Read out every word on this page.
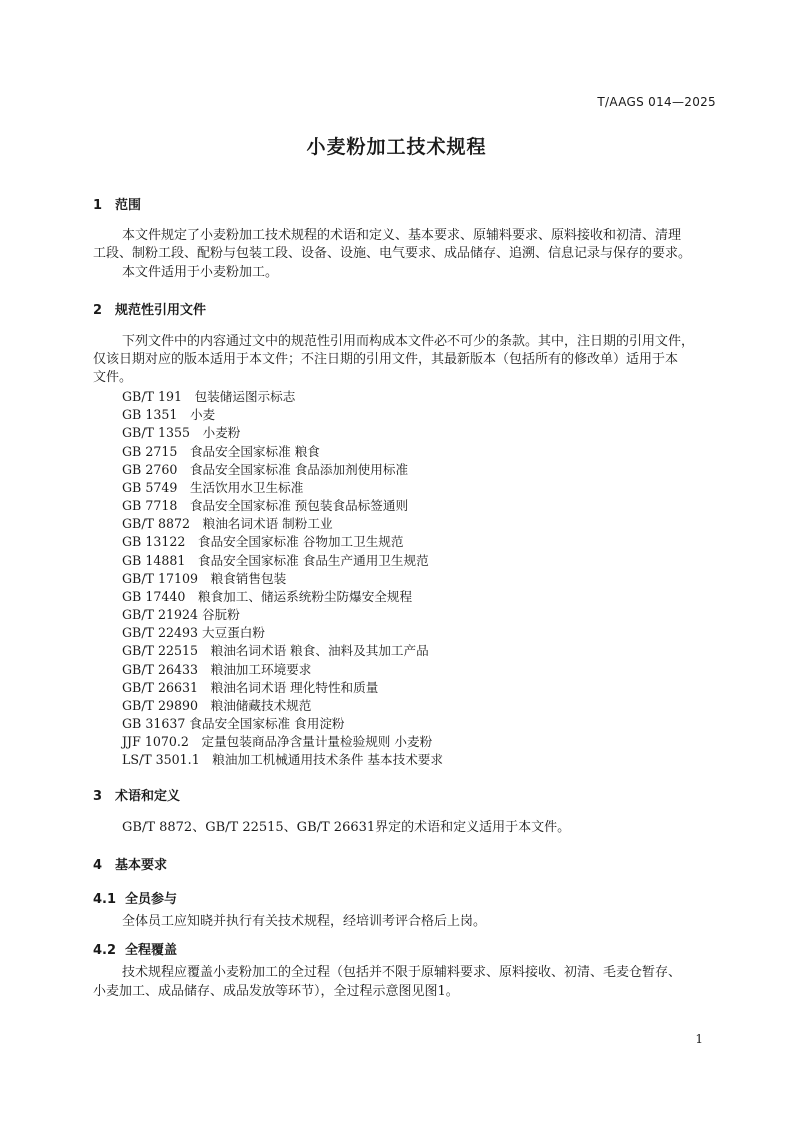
T/AAGS 014—2025
小麦粉加工技术规程
1 范围
本文件规定了小麦粉加工技术规程的术语和定义、基本要求、原辅料要求、原料接收和初清、清理
工段、制粉工段、配粉与包装工段、设备、设施、电气要求、成品储存、追溯、信息记录与保存的要求。
本文件适用于小麦粉加工。
2 规范性引用文件
下列文件中的内容通过文中的规范性引用而构成本文件必不可少的条款。其中，注日期的引用文件，
仅该日期对应的版本适用于本文件；不注日期的引用文件，其最新版本（包括所有的修改单）适用于本
文件。
GB/T 191　包装储运图示标志
GB 1351　小麦
GB/T 1355　小麦粉
GB 2715　食品安全国家标准 粮食
GB 2760　食品安全国家标准 食品添加剂使用标准
GB 5749　生活饮用水卫生标准
GB 7718　食品安全国家标准 预包装食品标签通则
GB/T 8872　粮油名词术语 制粉工业
GB 13122　食品安全国家标准 谷物加工卫生规范
GB 14881　食品安全国家标准 食品生产通用卫生规范
GB/T 17109　粮食销售包装
GB 17440　粮食加工、储运系统粉尘防爆安全规程
GB/T 21924 谷朊粉
GB/T 22493 大豆蛋白粉
GB/T 22515　粮油名词术语 粮食、油料及其加工产品
GB/T 26433　粮油加工环境要求
GB/T 26631　粮油名词术语 理化特性和质量
GB/T 29890　粮油储藏技术规范
GB 31637 食品安全国家标准 食用淀粉
JJF 1070.2　定量包装商品净含量计量检验规则 小麦粉
LS/T 3501.1　粮油加工机械通用技术条件 基本技术要求
3 术语和定义
GB/T 8872、GB/T 22515、GB/T 26631界定的术语和定义适用于本文件。
4 基本要求
4.1 全员参与
全体员工应知晓并执行有关技术规程，经培训考评合格后上岗。
4.2 全程覆盖
技术规程应覆盖小麦粉加工的全过程（包括并不限于原辅料要求、原料接收、初清、毛麦仓暂存、
小麦加工、成品储存、成品发放等环节），全过程示意图见图1。
1
